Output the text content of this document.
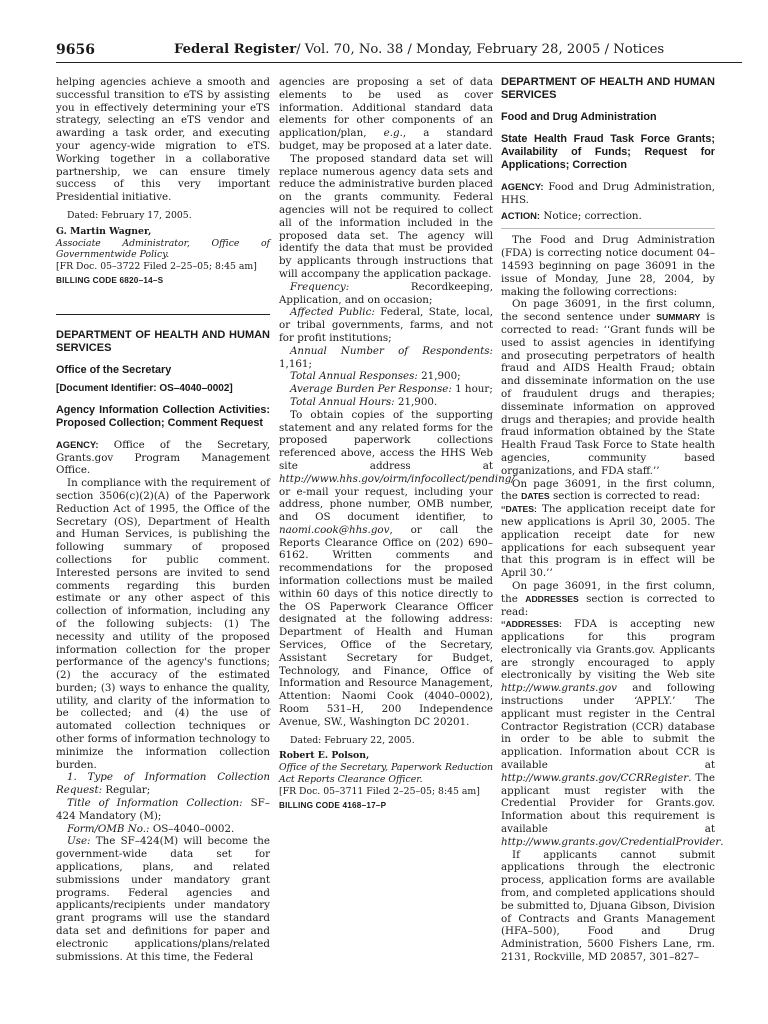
9656	Federal Register/ Vol. 70, No. 38 / Monday, February 28, 2005 / Notices

helping agencies achieve a smooth and successful transition to eTS by assisting you in effectively determining your eTS strategy, selecting an eTS vendor and awarding a task order, and executing your agency-wide migration to eTS. Working together in a collaborative partnership, we can ensure timely success of this very important Presidential initiative.

Dated: February 17, 2005.

G. Martin Wagner,

Associate Administrator, Office of Governmentwide Policy.

[FR Doc. 05–3722 Filed 2–25–05; 8:45 am]

BILLING CODE 6820–14–S

DEPARTMENT OF HEALTH AND HUMAN SERVICES

Office of the Secretary

[Document Identifier: OS–4040–0002]

Agency Information Collection Activities: Proposed Collection; Comment Request

AGENCY: Office of the Secretary, Grants.gov Program Management Office.

In compliance with the requirement of section 3506(c)(2)(A) of the Paperwork Reduction Act of 1995, the Office of the Secretary (OS), Department of Health and Human Services, is publishing the following summary of proposed collections for public comment. Interested persons are invited to send comments regarding this burden estimate or any other aspect of this collection of information, including any of the following subjects: (1) The necessity and utility of the proposed information collection for the proper performance of the agency's functions; (2) the accuracy of the estimated burden; (3) ways to enhance the quality, utility, and clarity of the information to be collected; and (4) the use of automated collection techniques or other forms of information technology to minimize the information collection burden.

1. Type of Information Collection Request: Regular;

Title of Information Collection: SF–424 Mandatory (M);

Form/OMB No.: OS–4040–0002.

Use: The SF–424(M) will become the government-wide data set for applications, plans, and related submissions under mandatory grant programs. Federal agencies and applicants/recipients under mandatory grant programs will use the standard data set and definitions for paper and electronic applications/plans/related submissions. At this time, the Federal

agencies are proposing a set of data elements to be used as cover information. Additional standard data elements for other components of an application/plan, e.g., a standard budget, may be proposed at a later date.

The proposed standard data set will replace numerous agency data sets and reduce the administrative burden placed on the grants community. Federal agencies will not be required to collect all of the information included in the proposed data set. The agency will identify the data that must be provided by applicants through instructions that will accompany the application package.

Frequency:	Recordkeeping, Application, and on occasion;

Affected Public: Federal, State, local, or tribal governments, farms, and not for profit institutions;

Annual Number of Respondents: 1,161;

Total Annual Responses: 21,900;

Average Burden Per Response: 1 hour;

Total Annual Hours: 21,900.

To obtain copies of the supporting statement and any related forms for the proposed paperwork collections referenced above, access the HHS Web site address at http://www.hhs.gov/oirm/infocollect/pending/ or e-mail your request, including your address, phone number, OMB number, and OS document identifier, to naomi.cook@hhs.gov, or call the Reports Clearance Office on (202) 690–6162. Written comments and recommendations for the proposed information collections must be mailed within 60 days of this notice directly to the OS Paperwork Clearance Officer designated at the following address: Department of Health and Human Services, Office of the Secretary, Assistant Secretary for Budget, Technology, and Finance, Office of Information and Resource Management, Attention: Naomi Cook (4040–0002), Room 531–H, 200 Independence Avenue, SW., Washington DC 20201.

Dated: February 22, 2005.

Robert E. Polson,

Office of the Secretary, Paperwork Reduction Act Reports Clearance Officer.

[FR Doc. 05–3711 Filed 2–25–05; 8:45 am]

BILLING CODE 4168–17–P

DEPARTMENT OF HEALTH AND HUMAN SERVICES

Food and Drug Administration

State Health Fraud Task Force Grants; Availability of Funds; Request for Applications; Correction

AGENCY: Food and Drug Administration, HHS.

ACTION: Notice; correction.

The Food and Drug Administration (FDA) is correcting notice document 04–14593 beginning on page 36091 in the issue of Monday, June 28, 2004, by making the following corrections:

On page 36091, in the first column, the second sentence under SUMMARY is corrected to read: ‘‘Grant funds will be used to assist agencies in identifying and prosecuting perpetrators of health fraud and AIDS Health Fraud; obtain and disseminate information on the use of fraudulent drugs and therapies; disseminate information on approved drugs and therapies; and provide health fraud information obtained by the State Health Fraud Task Force to State health agencies, community based organizations, and FDA staff.’’

On page 36091, in the first column, the DATES section is corrected to read:

‘‘DATES: The application receipt date for new applications is April 30, 2005. The application receipt date for new applications for each subsequent year that this program is in effect will be April 30.’’

On page 36091, in the first column, the ADDRESSES section is corrected to read:

‘‘ADDRESSES: FDA is accepting new applications for this program electronically via Grants.gov. Applicants are strongly encouraged to apply electronically by visiting the Web site http://www.grants.gov and following instructions under ‘APPLY.’ The applicant must register in the Central Contractor Registration (CCR) database in order to be able to submit the application. Information about CCR is available at http://www.grants.gov/CCRRegister. The applicant must register with the Credential Provider for Grants.gov. Information about this requirement is available at http://www.grants.gov/CredentialProvider.

If applicants cannot submit applications through the electronic process, application forms are available from, and completed applications should be submitted to, Djuana Gibson, Division of Contracts and Grants Management (HFA–500), Food and Drug Administration, 5600 Fishers Lane, rm. 2131, Rockville, MD 20857, 301–827–
